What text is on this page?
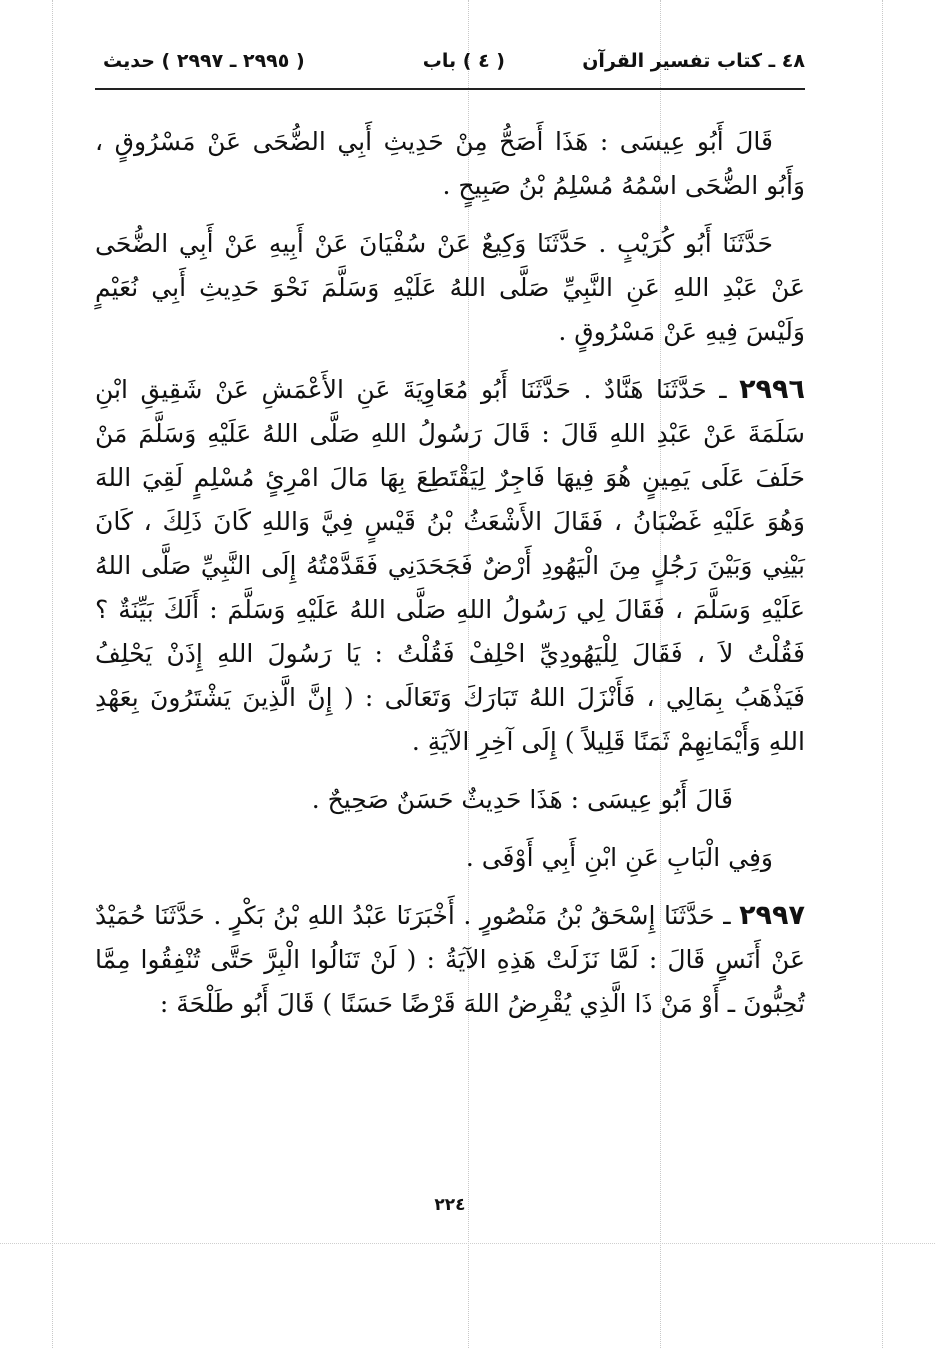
٤٨ ـ كتاب تفسير القرآن
( ٤ ) باب
( ٢٩٩٥ ـ ٢٩٩٧ ) حديث

قَالَ أَبُو عِيسَى : هَذَا أَصَحُّ مِنْ حَدِيثِ أَبِي الضُّحَى عَنْ مَسْرُوقٍ ، وَأَبُو الضُّحَى اسْمُهُ مُسْلِمُ بْنُ صَبِيحٍ .

حَدَّثَنَا أَبُو كُرَيْبٍ . حَدَّثَنَا وَكِيعٌ عَنْ سُفْيَانَ عَنْ أَبِيهِ عَنْ أَبِي الضُّحَى عَنْ عَبْدِ اللهِ عَنِ النَّبِيِّ صَلَّى اللهُ عَلَيْهِ وَسَلَّمَ نَحْوَ حَدِيثِ أَبِي نُعَيْمٍ وَلَيْسَ فِيهِ عَنْ مَسْرُوقٍ .

٢٩٩٦ ـ حَدَّثَنَا هَنَّادٌ . حَدَّثَنَا أَبُو مُعَاوِيَةَ عَنِ الأَعْمَشِ عَنْ شَقِيقِ ابْنِ سَلَمَةَ عَنْ عَبْدِ اللهِ قَالَ : قَالَ رَسُولُ اللهِ صَلَّى اللهُ عَلَيْهِ وَسَلَّمَ مَنْ حَلَفَ عَلَى يَمِينٍ هُوَ فِيهَا فَاجِرٌ لِيَقْتَطِعَ بِهَا مَالَ امْرِئٍ مُسْلِمٍ لَقِيَ اللهَ وَهُوَ عَلَيْهِ غَضْبَانُ ، فَقَالَ الأَشْعَثُ بْنُ قَيْسٍ فِيَّ وَاللهِ كَانَ ذَلِكَ ، كَانَ بَيْنِي وَبَيْنَ رَجُلٍ مِنَ الْيَهُودِ أَرْضٌ فَجَحَدَنِي فَقَدَّمْتُهُ إِلَى النَّبِيِّ صَلَّى اللهُ عَلَيْهِ وَسَلَّمَ ، فَقَالَ لِي رَسُولُ اللهِ صَلَّى اللهُ عَلَيْهِ وَسَلَّمَ : أَلَكَ بَيِّنَةٌ ؟ فَقُلْتُ لاَ ، فَقَالَ لِلْيَهُودِيِّ احْلِفْ فَقُلْتُ : يَا رَسُولَ اللهِ إِذَنْ يَحْلِفُ فَيَذْهَبُ بِمَالِي ، فَأَنْزَلَ اللهُ تَبَارَكَ وَتَعَالَى : ( إِنَّ الَّذِينَ يَشْتَرُونَ بِعَهْدِ اللهِ وَأَيْمَانِهِمْ ثَمَنًا قَلِيلاً ) إِلَى آخِرِ الآيَةِ .

قَالَ أَبُو عِيسَى : هَذَا حَدِيثٌ حَسَنٌ صَحِيحٌ .

وَفِي الْبَابِ عَنِ ابْنِ أَبِي أَوْفَى .

٢٩٩٧ ـ حَدَّثَنَا إِسْحَقُ بْنُ مَنْصُورٍ . أَخْبَرَنَا عَبْدُ اللهِ بْنُ بَكْرٍ . حَدَّثَنَا حُمَيْدٌ عَنْ أَنَسٍ قَالَ : لَمَّا نَزَلَتْ هَذِهِ الآيَةُ : ( لَنْ تَنَالُوا الْبِرَّ حَتَّى تُنْفِقُوا مِمَّا تُحِبُّونَ ـ أَوْ مَنْ ذَا الَّذِي يُقْرِضُ اللهَ قَرْضًا حَسَنًا ) قَالَ أَبُو طَلْحَةَ :

٢٢٤
